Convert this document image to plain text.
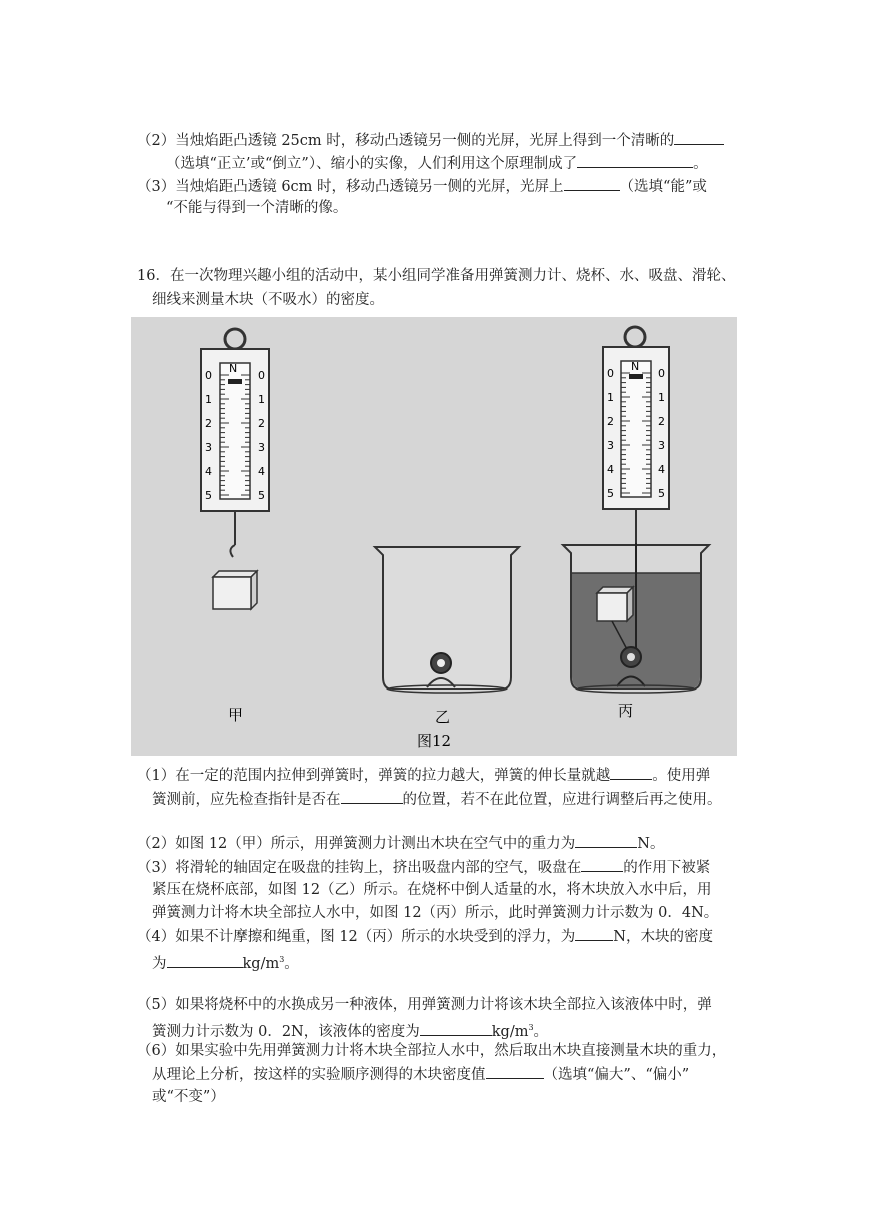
（2）当烛焰距凸透镜 25cm 时，移动凸透镜另一侧的光屏，光屏上得到一个清晰的
（选填“正立’或“倒立”）、缩小的实像，人们利用这个原理制成了	。
（3）当烛焰距凸透镜 6cm 时，移动凸透镜另一侧的光屏，光屏上	（选填“能”或
“不能与得到一个清晰的像。
16．在一次物理兴趣小组的活动中，某小组同学准备用弹簧测力计、烧杯、水、吸盘、滑轮、
细线来测量木块（不吸水）的密度。
N
甲	乙
N
丙
图12
0
1
2
3
4
5
0
1
2
3
4
5
0
1
2
3
4
5
0
1
2
3
4
5
（1）在一定的范围内拉伸到弹簧时，弹簧的拉力越大，弹簧的伸长量就越	。使用弹
簧测前，应先检查指针是否在	的位置，若不在此位置，应进行调整后再之使用。
（2）如图 12（甲）所示，用弹簧测力计测出木块在空气中的重力为	N。
（3）将滑轮的轴固定在吸盘的挂钩上，挤出吸盘内部的空气，吸盘在	的作用下被紧
紧压在烧杯底部，如图 12（乙）所示。在烧杯中倒人适量的水，将木块放入水中后，用
弹簧测力计将木块全部拉人水中，如图 12（丙）所示，此时弹簧测力计示数为 0．4N。
（4）如果不计摩擦和绳重，图 12（丙）所示的水块受到的浮力，为	N，木块的密度
为	$kg/m^3$。
（5）如果将烧杯中的水换成另一种液体，用弹簧测力计将该木块全部拉入该液体中时，弹
簧测力计示数为 0．2N，该液体的密度为	$kg/m^3$。
（6）如果实验中先用弹簧测力计将木块全部拉人水中，然后取出木块直接测量木块的重力，
从理论上分析，按这样的实验顺序测得的木块密度值	（选填“偏大”、“偏小”
或“不变”）
